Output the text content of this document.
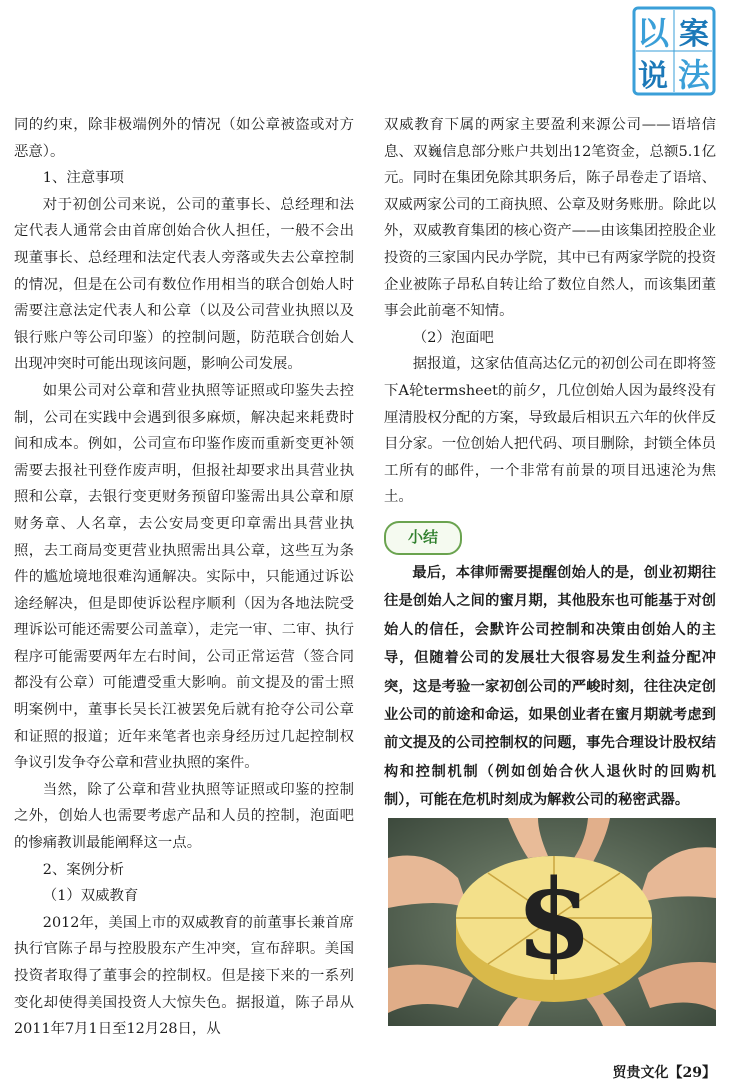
以 案
说 法

同的约束，除非极端例外的情况（如公章被盗或对方恶意）。

1、注意事项

对于初创公司来说，公司的董事长、总经理和法定代表人通常会由首席创始合伙人担任，一般不会出现董事长、总经理和法定代表人旁落或失去公章控制的情况，但是在公司有数位作用相当的联合创始人时需要注意法定代表人和公章（以及公司营业执照以及银行账户等公司印鉴）的控制问题，防范联合创始人出现冲突时可能出现该问题，影响公司发展。

如果公司对公章和营业执照等证照或印鉴失去控制，公司在实践中会遇到很多麻烦，解决起来耗费时间和成本。例如，公司宣布印鉴作废而重新变更补领需要去报社刊登作废声明，但报社却要求出具营业执照和公章，去银行变更财务预留印鉴需出具公章和原财务章、人名章，去公安局变更印章需出具营业执照，去工商局变更营业执照需出具公章，这些互为条件的尴尬境地很难沟通解决。实际中，只能通过诉讼途经解决，但是即使诉讼程序顺利（因为各地法院受理诉讼可能还需要公司盖章），走完一审、二审、执行程序可能需要两年左右时间，公司正常运营（签合同都没有公章）可能遭受重大影响。前文提及的雷士照明案例中，董事长吴长江被罢免后就有抢夺公司公章和证照的报道；近年来笔者也亲身经历过几起控制权争议引发争夺公章和营业执照的案件。

当然，除了公章和营业执照等证照或印鉴的控制之外，创始人也需要考虑产品和人员的控制，泡面吧的惨痛教训最能阐释这一点。

2、案例分析

（1）双威教育

2012年，美国上市的双威教育的前董事长兼首席执行官陈子昂与控股股东产生冲突，宣布辞职。美国投资者取得了董事会的控制权。但是接下来的一系列变化却使得美国投资人大惊失色。据报道，陈子昂从2011年7月1日至12月28日，从

双威教育下属的两家主要盈利来源公司——语培信息、双巍信息部分账户共划出12笔资金，总额5.1亿元。同时在集团免除其职务后，陈子昂卷走了语培、双威两家公司的工商执照、公章及财务账册。除此以外，双威教育集团的核心资产——由该集团控股企业投资的三家国内民办学院，其中已有两家学院的投资企业被陈子昂私自转让给了数位自然人，而该集团董事会此前毫不知情。

（2）泡面吧

据报道，这家估值高达亿元的初创公司在即将签下A轮termsheet的前夕，几位创始人因为最终没有厘清股权分配的方案，导致最后相识五六年的伙伴反目分家。一位创始人把代码、项目删除，封锁全体员工所有的邮件，一个非常有前景的项目迅速沦为焦土。

小结

最后，本律师需要提醒创始人的是，创业初期往往是创始人之间的蜜月期，其他股东也可能基于对创始人的信任，会默许公司控制和决策由创始人的主导，但随着公司的发展壮大很容易发生利益分配冲突，这是考验一家初创公司的严峻时刻，往往决定创业公司的前途和命运，如果创业者在蜜月期就考虑到前文提及的公司控制权的问题，事先合理设计股权结构和控制机制（例如创始合伙人退伙时的回购机制），可能在危机时刻成为解救公司的秘密武器。

$
贸贵文化【29】
